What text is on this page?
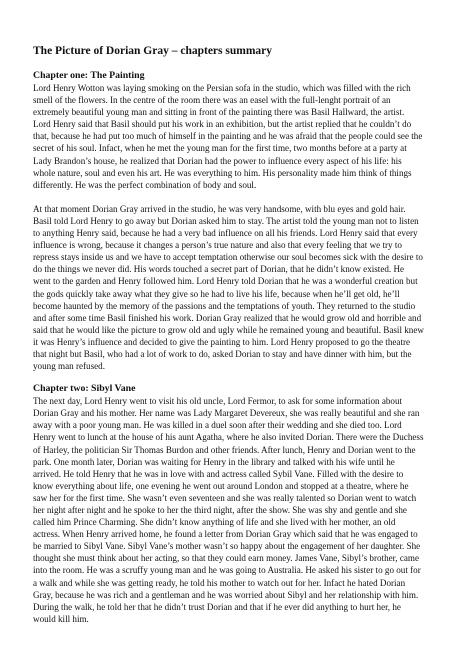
The Picture of Dorian Gray – chapters summary
Chapter one: The Painting

Lord Henry Wotton was laying smoking on the Persian sofa in the studio, which was filled with the rich smell of the flowers. In the centre of the room there was an easel with the full-lenght portrait of an extremely beautiful young man and sitting in front of the painting there was Basil Hallward, the artist. Lord Henry said that Basil should put his work in an exhibition, but the artist replied that he couldn’t do that, because he had put too much of himself in the painting and he was afraid that the people could see the secret of his soul. Infact, when he met the young man for the first time, two months before at a party at Lady Brandon’s house, he realized that Dorian had the power to influence every aspect of his life: his whole nature, soul and even his art. He was everything to him. His personality made him think of things differently. He was the perfect combination of body and soul.

At that moment Dorian Gray arrived in the studio, he was very handsome, with blu eyes and gold hair. Basil told Lord Henry to go away but Dorian asked him to stay. The artist told the young man not to listen to anything Henry said, because he had a very bad influence on all his friends. Lord Henry said that every influence is wrong, because it changes a person’s true nature and also that every feeling that we try to repress stays inside us and we have to accept temptation otherwise our soul becomes sick with the desire to do the things we never did. His words touched a secret part of Dorian, that he didn’t know existed. He went to the garden and Henry followed him. Lord Henry told Dorian that he was a wonderful creation but the gods quickly take away what they give so he had to live his life, because when he’ll get old, he’ll become haunted by the memory of the passions and the temptations of youth. They returned to the studio and after some time Basil finished his work. Dorian Gray realized that he would grow old and horrible and said that he would like the picture to grow old and ugly while he remained young and beautiful. Basil knew it was Henry’s influence and decided to give the painting to him. Lord Henry proposed to go the theatre that night but Basil, who had a lot of work to do, asked Dorian to stay and have dinner with him, but the young man refused.

Chapter two: Sibyl Vane

The next day, Lord Henry went to visit his old uncle, Lord Fermor, to ask for some information about Dorian Gray and his mother. Her name was Lady Margaret Devereux, she was really beautiful and she ran away with a poor young man. He was killed in a duel soon after their wedding and she died too. Lord Henry went to lunch at the house of his aunt Agatha, where he also invited Dorian. There were the Duchess of Harley, the politician Sir Thomas Burdon and other friends. After lunch, Henry and Dorian went to the park. One month later, Dorian was waiting for Henry in the library and talked with his wife until he arrived. He told Henry that he was in love with and actress called Sybil Vane. Filled with the desire to know everything about life, one evening he went out around London and stopped at a theatre, where he saw her for the first time. She wasn’t even seventeen and she was really talented so Dorian went to watch her night after night and he spoke to her the third night, after the show. She was shy and gentle and she called him Prince Charming. She didn’t know anything of life and she lived with her mother, an old actress. When Henry arrived home, he found a letter from Dorian Gray which said that he was engaged to be married to Sibyl Vane. Sibyl Vane’s mother wasn’t so happy about the engagement of her daughter. She thought she must think about her acting, so that they could earn money. James Vane, Sibyl’s brother, came into the room. He was a scruffy young man and he was going to Australia. He asked his sister to go out for a walk and while she was getting ready, he told his mother to watch out for her. Infact he hated Dorian Gray, because he was rich and a gentleman and he was worried about Sibyl and her relationship with him. During the walk, he told her that he didn’t trust Dorian and that if he ever did anything to hurt her, he would kill him.
